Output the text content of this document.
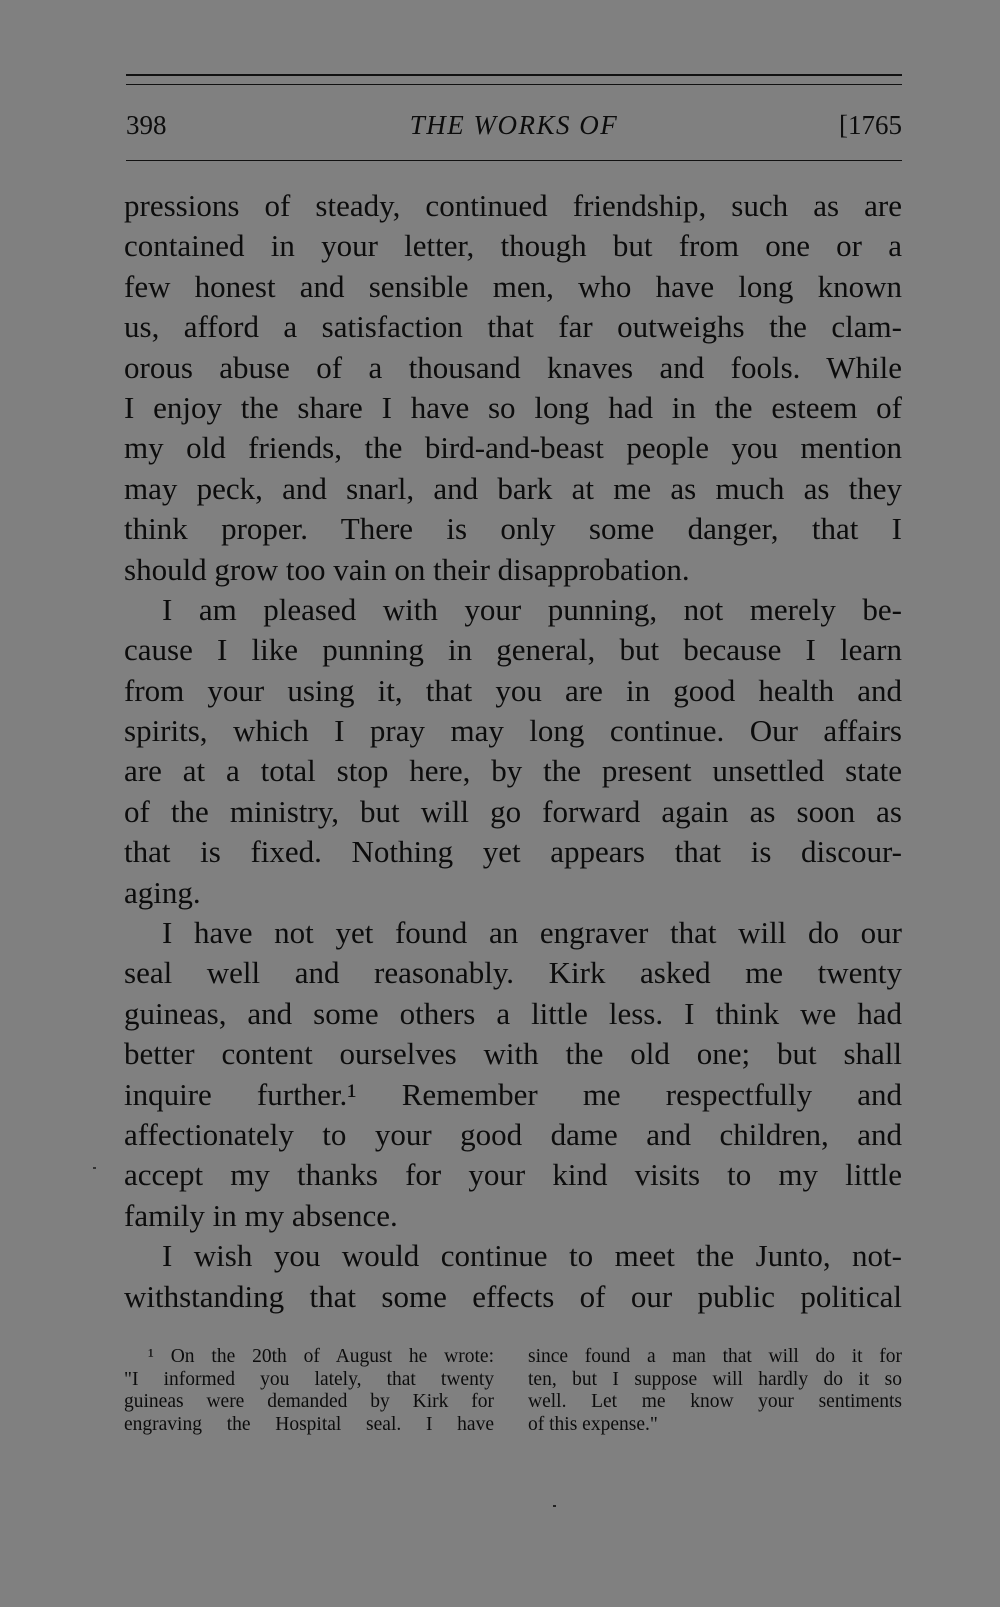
398	THE WORKS OF	[1765
pressions of steady, continued friendship, such as are
contained in your letter, though but from one or a
few honest and sensible men, who have long known
us, afford a satisfaction that far outweighs the clam-
orous abuse of a thousand knaves and fools. While
I enjoy the share I have so long had in the esteem of
my old friends, the bird-and-beast people you mention
may peck, and snarl, and bark at me as much as they
think proper. There is only some danger, that I
should grow too vain on their disapprobation.
I am pleased with your punning, not merely be-
cause I like punning in general, but because I learn
from your using it, that you are in good health and
spirits, which I pray may long continue. Our affairs
are at a total stop here, by the present unsettled state
of the ministry, but will go forward again as soon as
that is fixed. Nothing yet appears that is discour-
aging.
I have not yet found an engraver that will do our
seal well and reasonably. Kirk asked me twenty
guineas, and some others a little less. I think we had
better content ourselves with the old one; but shall
inquire further.¹ Remember me respectfully and
affectionately to your good dame and children, and
accept my thanks for your kind visits to my little
family in my absence.
I wish you would continue to meet the Junto, not-
withstanding that some effects of our public political
¹ On the 20th of August he wrote:
"I informed you lately, that twenty
guineas were demanded by Kirk for
engraving the Hospital seal. I have
since found a man that will do it for
ten, but I suppose will hardly do it so
well. Let me know your sentiments
of this expense."
